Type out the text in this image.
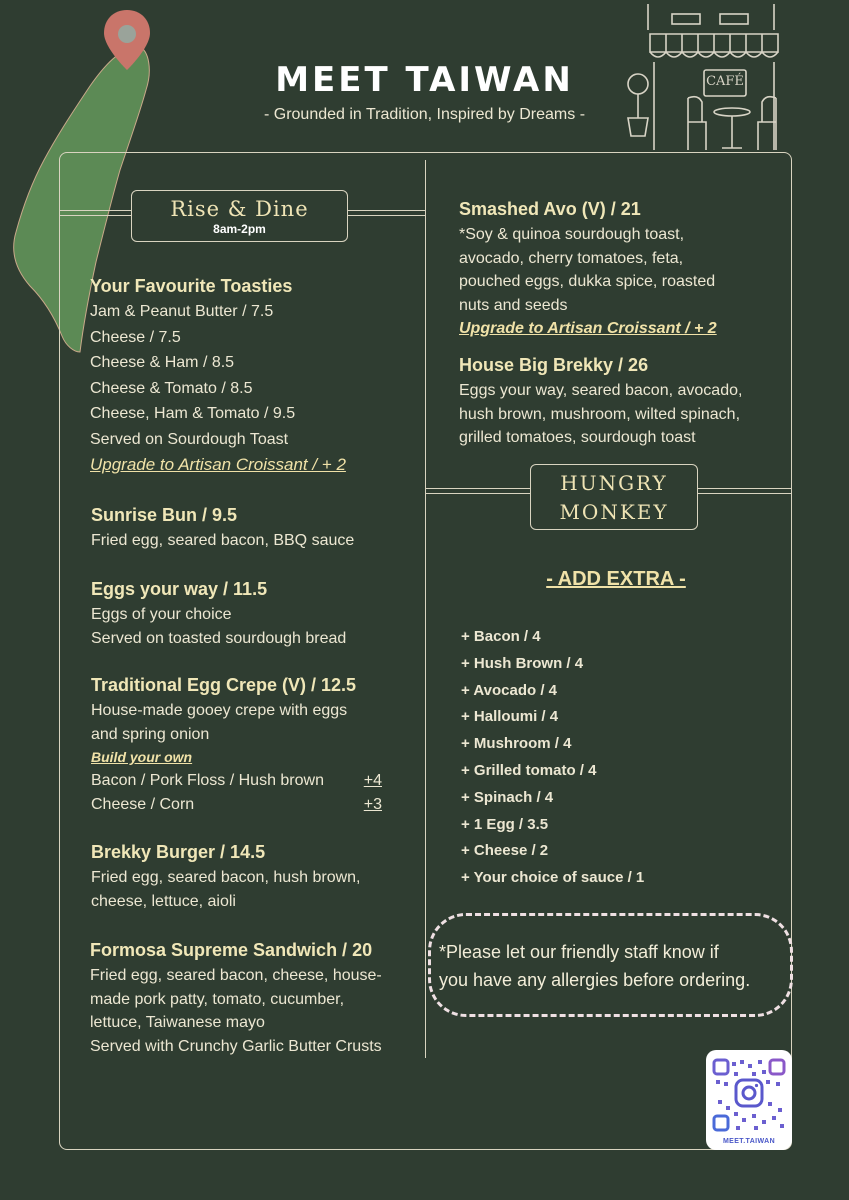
CAFÉ
MEET TAIWAN
- Grounded in Tradition, Inspired by Dreams -
Rise & Dine
8am-2pm
Your Favourite Toasties
Jam & Peanut Butter / 7.5
Cheese / 7.5
Cheese & Ham / 8.5
Cheese & Tomato / 8.5
Cheese, Ham & Tomato / 9.5
Served on Sourdough Toast
Upgrade to Artisan Croissant / + 2
Sunrise Bun / 9.5
Fried egg, seared bacon, BBQ sauce
Eggs your way / 11.5
Eggs of your choice
Served on toasted sourdough bread
Traditional Egg Crepe (V) / 12.5
House-made gooey crepe with eggs
and spring onion
Build your own
Bacon / Pork Floss / Hush brown	+4
Cheese / Corn	+3
Brekky Burger / 14.5
Fried egg, seared bacon, hush brown,
cheese, lettuce, aioli
Formosa Supreme Sandwich / 20
Fried egg, seared bacon, cheese, house-
made pork patty, tomato, cucumber,
lettuce, Taiwanese mayo
Served with Crunchy Garlic Butter Crusts
Smashed Avo (V) / 21
*Soy & quinoa sourdough toast,
avocado, cherry tomatoes, feta,
pouched eggs, dukka spice, roasted
nuts and seeds
Upgrade to Artisan Croissant / + 2
House Big Brekky / 26
Eggs your way, seared bacon, avocado,
hush brown, mushroom, wilted spinach,
grilled tomatoes, sourdough toast
HUNGRY
MONKEY
- ADD EXTRA -
+ Bacon / 4
+ Hush Brown / 4
+ Avocado / 4
+ Halloumi / 4
+ Mushroom / 4
+ Grilled tomato / 4
+ Spinach / 4
+ 1 Egg / 3.5
+ Cheese / 2
+ Your choice of sauce / 1
*Please let our friendly staff know if
you have any allergies before ordering.
MEET.TAIWAN
